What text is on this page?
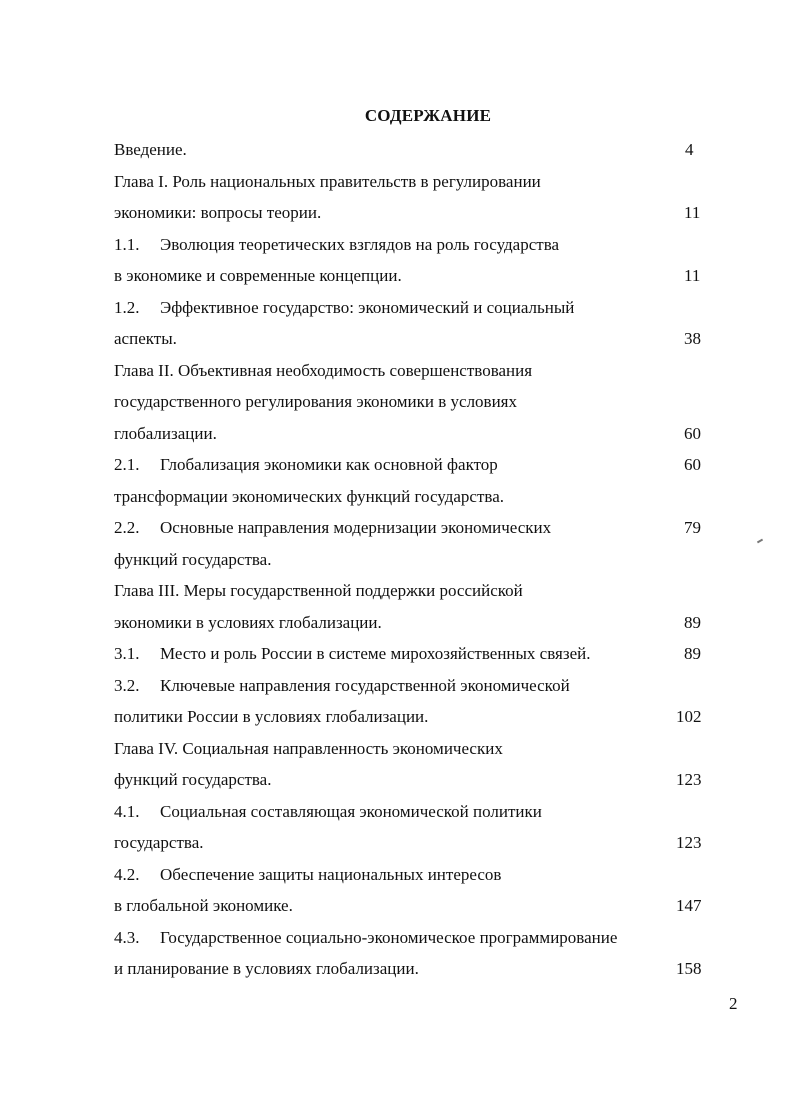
СОДЕРЖАНИЕ
Введение.	4
Глава I. Роль национальных правительств в регулировании
экономики: вопросы теории.	11
1.1. Эволюция теоретических взглядов на роль государства
в экономике и современные концепции.	11
1.2. Эффективное государство: экономический и социальный
аспекты.	38
Глава II. Объективная необходимость совершенствования
государственного регулирования экономики в условиях
глобализации.	60
2.1. Глобализация экономики как основной фактор	60
трансформации экономических функций государства.
2.2. Основные направления модернизации экономических	79
функций государства.
Глава III. Меры государственной поддержки российской
экономики в условиях глобализации.	89
3.1. Место и роль России в системе мирохозяйственных связей.	89
3.2. Ключевые направления государственной экономической
политики России в условиях глобализации.	102
Глава IV. Социальная направленность экономических
функций государства.	123
4.1. Социальная составляющая экономической политики
государства.	123
4.2. Обеспечение защиты национальных интересов
в глобальной экономике.	147
4.3. Государственное социально-экономическое программирование
и планирование в условиях глобализации.	158
2
